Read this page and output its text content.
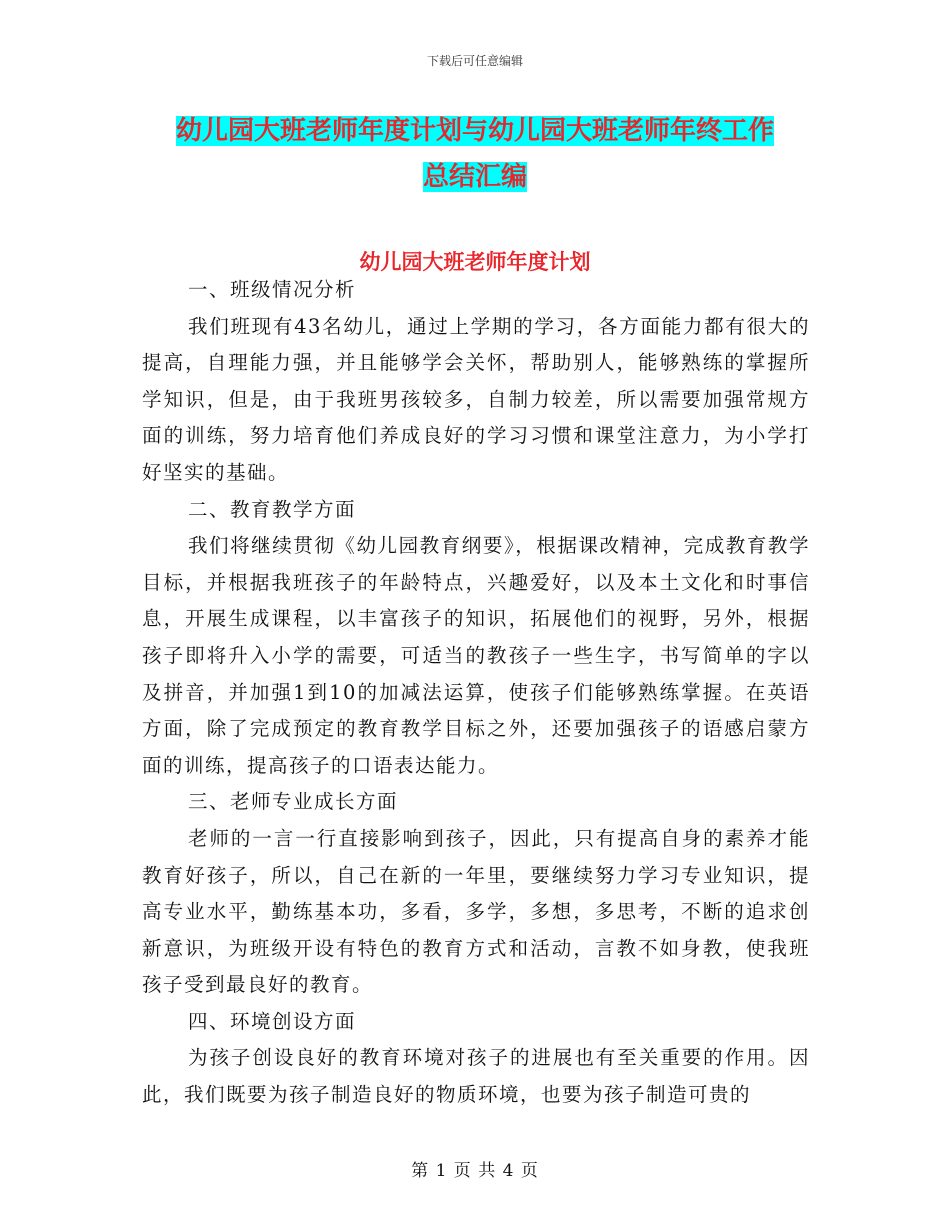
下载后可任意编辑
幼儿园大班老师年度计划与幼儿园大班老师年终工作
总结汇编
幼儿园大班老师年度计划

一、班级情况分析

我们班现有43名幼儿，通过上学期的学习，各方面能力都有很大的提高，自理能力强，并且能够学会关怀，帮助别人，能够熟练的掌握所学知识，但是，由于我班男孩较多，自制力较差，所以需要加强常规方面的训练，努力培育他们养成良好的学习习惯和课堂注意力，为小学打好坚实的基础。

二、教育教学方面

我们将继续贯彻《幼儿园教育纲要》，根据课改精神，完成教育教学目标，并根据我班孩子的年龄特点，兴趣爱好，以及本土文化和时事信息，开展生成课程，以丰富孩子的知识，拓展他们的视野，另外，根据孩子即将升入小学的需要，可适当的教孩子一些生字，书写简单的字以及拼音，并加强1到10的加减法运算，使孩子们能够熟练掌握。在英语方面，除了完成预定的教育教学目标之外，还要加强孩子的语感启蒙方面的训练，提高孩子的口语表达能力。

三、老师专业成长方面

老师的一言一行直接影响到孩子，因此，只有提高自身的素养才能教育好孩子，所以，自己在新的一年里，要继续努力学习专业知识，提高专业水平，勤练基本功，多看，多学，多想，多思考，不断的追求创新意识，为班级开设有特色的教育方式和活动，言教不如身教，使我班孩子受到最良好的教育。

四、环境创设方面

为孩子创设良好的教育环境对孩子的进展也有至关重要的作用。因此，我们既要为孩子制造良好的物质环境，也要为孩子制造可贵的

第 1 页 共 4 页
